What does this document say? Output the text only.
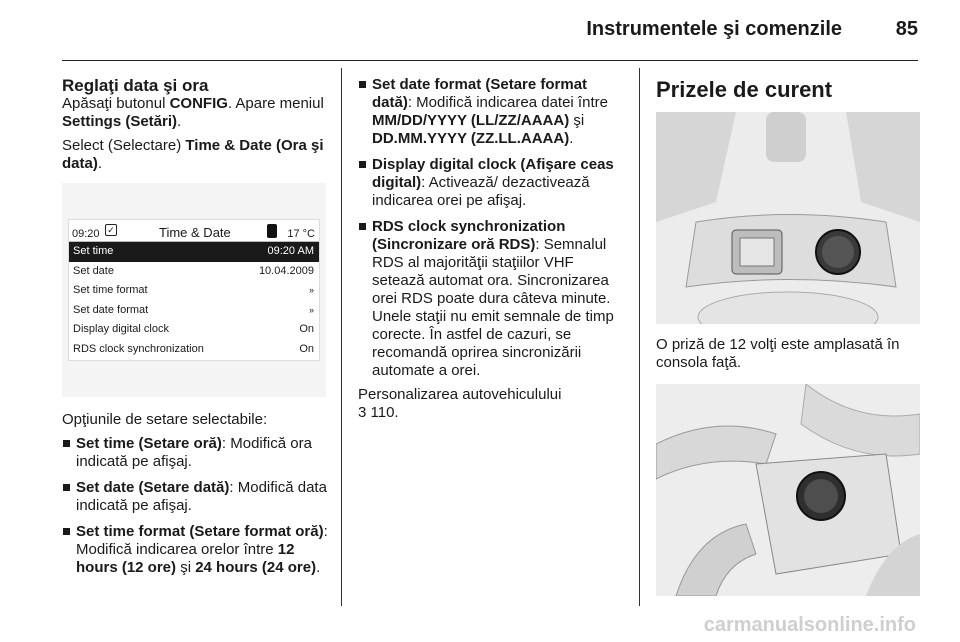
Instrumentele şi comenzile	85
Reglaţi data şi ora

Apăsaţi butonul CONFIG. Apare meniul Settings (Setări).

Select (Selectare) Time & Date (Ora şi data).

09:20 ✓	Time & Date	17 °C
Set time	09:20 AM
Set date	10.04.2009
Set time format	»
Set date format	»
Display digital clock	On
RDS clock synchronization	On

Opţiunile de setare selectabile:

Set time (Setare oră): Modifică ora indicată pe afişaj.
Set date (Setare dată): Modifică data indicată pe afişaj.
Set time format (Setare format oră): Modifică indicarea orelor între 12 hours (12 ore) şi 24 hours (24 ore).
Set date format (Setare format dată): Modifică indicarea datei între MM/DD/YYYY (LL/ZZ/AAAA) şi DD.MM.YYYY (ZZ.LL.AAAA).
Display digital clock (Afişare ceas digital): Activează/ dezactivează indicarea orei pe afişaj.
RDS clock synchronization (Sincronizare oră RDS): Semnalul RDS al majorităţii staţiilor VHF setează automat ora. Sincronizarea orei RDS poate dura câteva minute. Unele staţii nu emit semnale de timp corecte. În astfel de cazuri, se recomandă oprirea sincronizării automate a orei.

Personalizarea autovehiculului

3 110.

Prizele de curent

O priză de 12 volţi este amplasată în consola faţă.

carmanualsonline.info
